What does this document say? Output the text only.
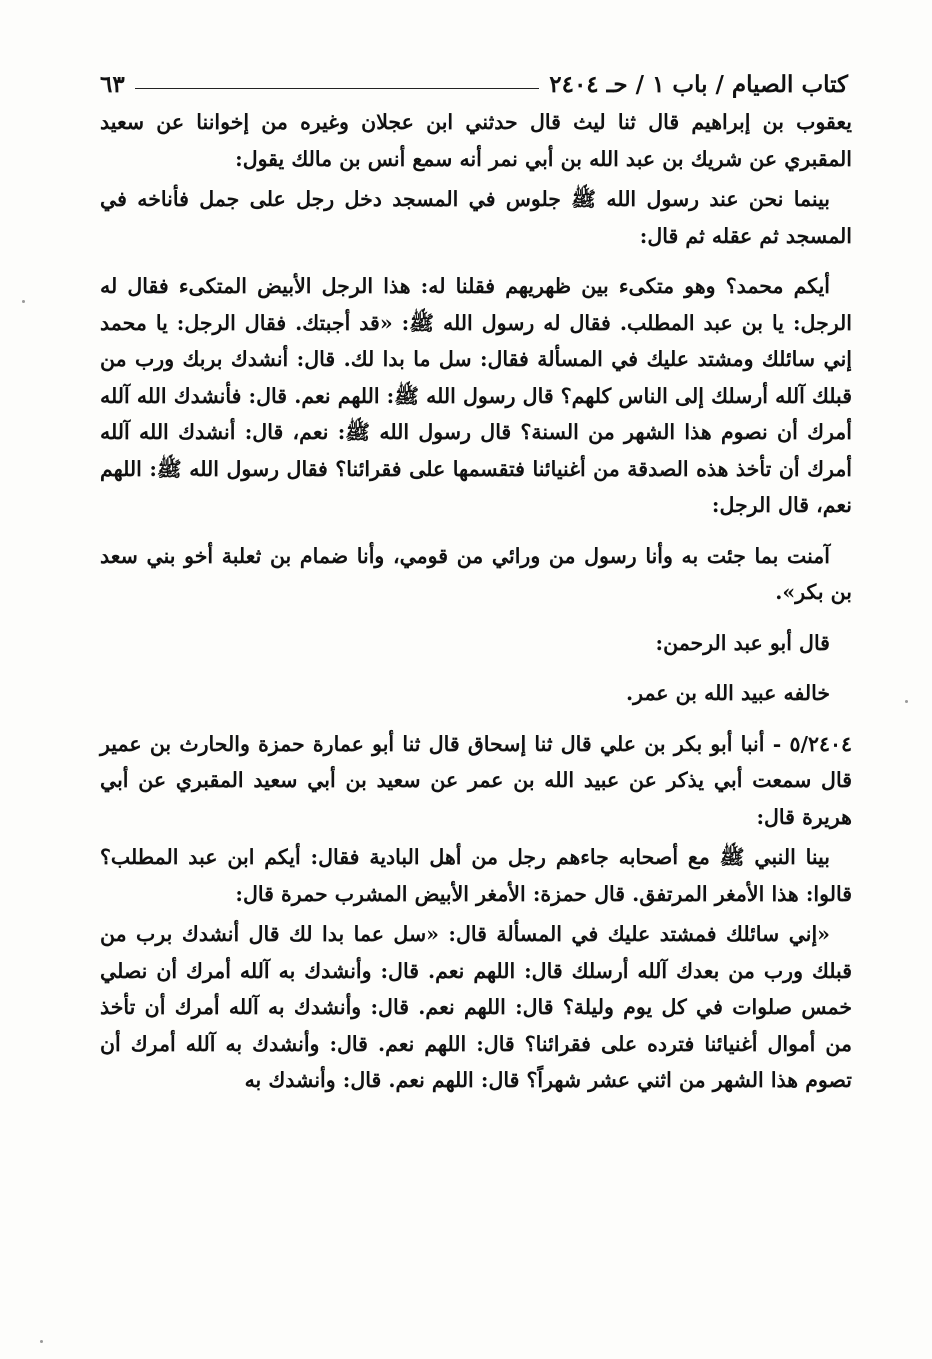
كتاب الصيام / باب ١ / حـ ٢٤٠٤
٦٣

يعقوب بن إبراهيم قال ثنا ليث قال حدثني ابن عجلان وغيره من إخواننا عن سعيد المقبري عن شريك بن عبد الله بن أبي نمر أنه سمع أنس بن مالك يقول:

بينما نحن عند رسول الله ﷺ جلوس في المسجد دخل رجل على جمل فأناخه في المسجد ثم عقله ثم قال:

أيكم محمد؟ وهو متكىء بين ظهريهم فقلنا له: هذا الرجل الأبيض المتكىء فقال له الرجل: يا بن عبد المطلب. فقال له رسول الله ﷺ: «قد أجبتك. فقال الرجل: يا محمد إني سائلك ومشتد عليك في المسألة فقال: سل ما بدا لك. قال: أنشدك بربك ورب من قبلك آلله أرسلك إلى الناس كلهم؟ قال رسول الله ﷺ: اللهم نعم. قال: فأنشدك الله آلله أمرك أن نصوم هذا الشهر من السنة؟ قال رسول الله ﷺ: نعم، قال: أنشدك الله آلله أمرك أن تأخذ هذه الصدقة من أغنيائنا فتقسمها على فقرائنا؟ فقال رسول الله ﷺ: اللهم نعم، قال الرجل:

آمنت بما جئت به وأنا رسول من ورائي من قومي، وأنا ضمام بن ثعلبة أخو بني سعد بن بكر».

قال أبو عبد الرحمن:

خالفه عبيد الله بن عمر.

٥/٢٤٠٤ - أنبا أبو بكر بن علي قال ثنا إسحاق قال ثنا أبو عمارة حمزة والحارث بن عمير قال سمعت أبي يذكر عن عبيد الله بن عمر عن سعيد بن أبي سعيد المقبري عن أبي هريرة قال:

بينا النبي ﷺ مع أصحابه جاءهم رجل من أهل البادية فقال: أيكم ابن عبد المطلب؟ قالوا: هذا الأمغر المرتفق. قال حمزة: الأمغر الأبيض المشرب حمرة قال:

«إني سائلك فمشتد عليك في المسألة قال: «سل عما بدا لك قال أنشدك برب من قبلك ورب من بعدك آلله أرسلك قال: اللهم نعم. قال: وأنشدك به آلله أمرك أن نصلي خمس صلوات في كل يوم وليلة؟ قال: اللهم نعم. قال: وأنشدك به آلله أمرك أن تأخذ من أموال أغنيائنا فترده على فقرائنا؟ قال: اللهم نعم. قال: وأنشدك به آلله أمرك أن تصوم هذا الشهر من اثني عشر شهراً؟ قال: اللهم نعم. قال: وأنشدك به
